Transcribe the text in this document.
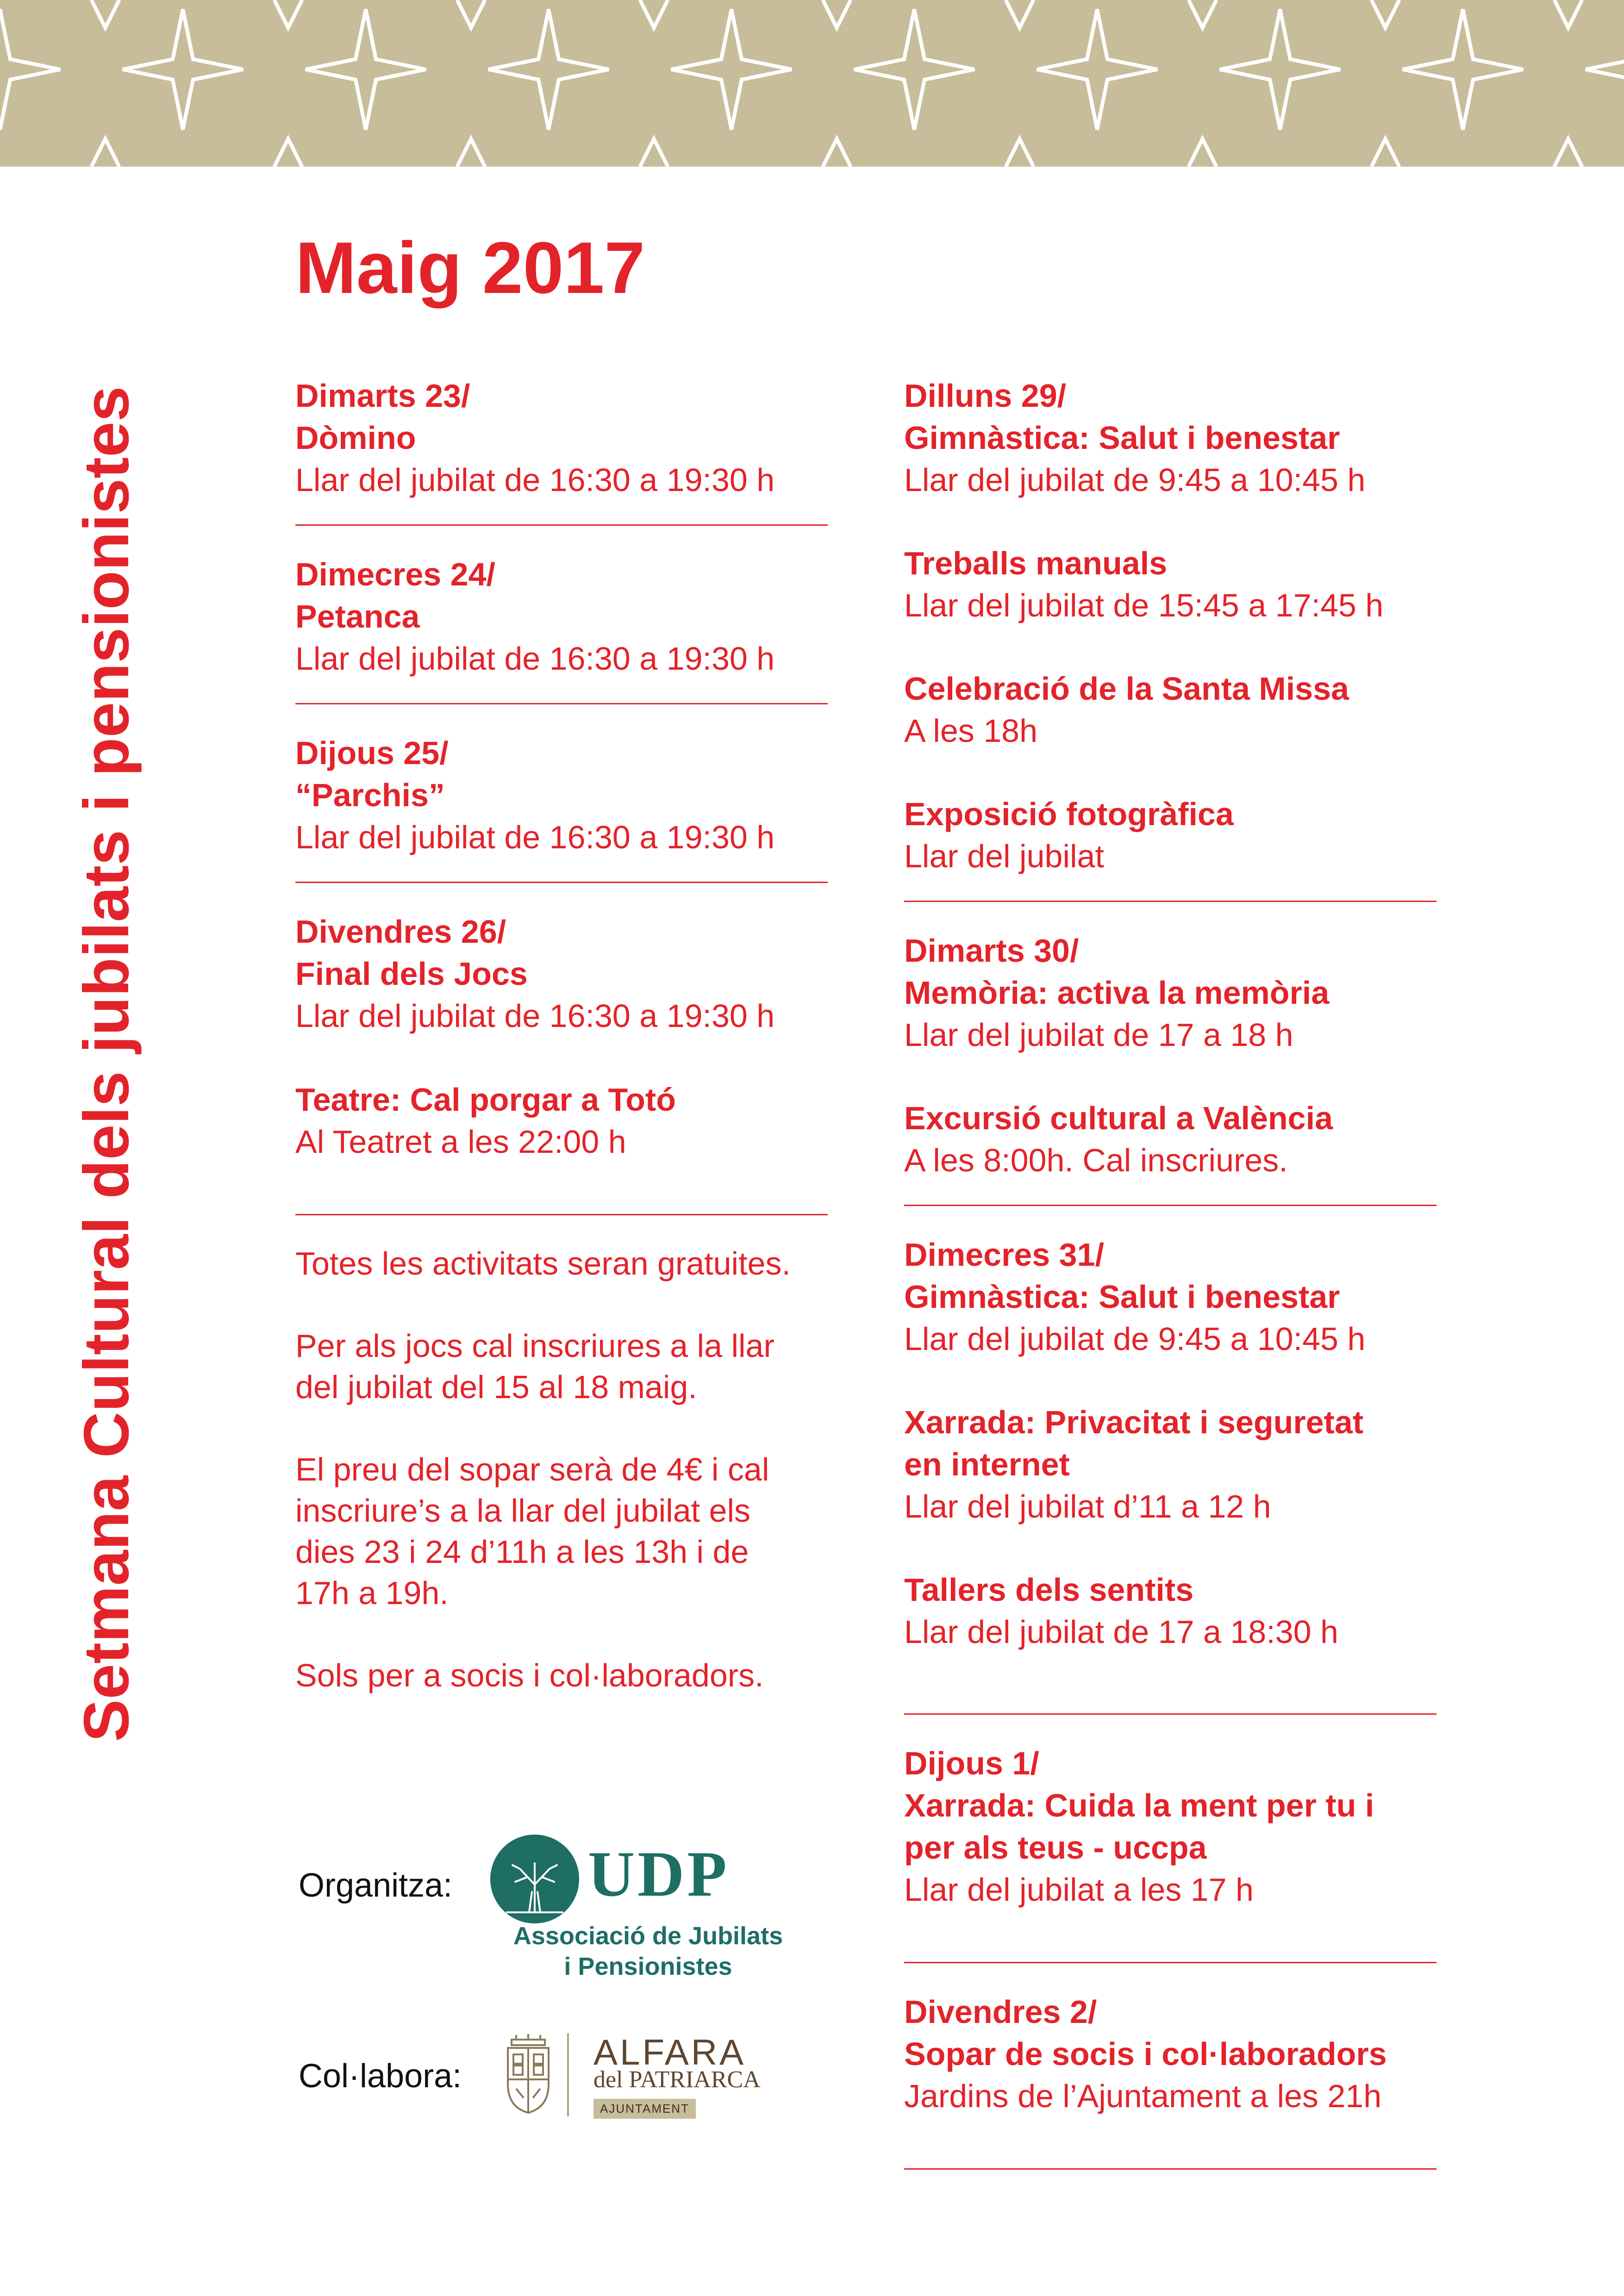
Setmana Cultural dels jubilats i pensionistes
Maig 2017
Dimarts 23/
Dòmino
Llar del jubilat de 16:30 a 19:30 h
Dimecres 24/
Petanca
Llar del jubilat de 16:30 a 19:30 h
Dijous 25/
“Parchis”
Llar del jubilat de 16:30 a 19:30 h
Divendres 26/
Final dels Jocs
Llar del jubilat de 16:30 a 19:30 h
Teatre: Cal porgar a Totó
Al Teatret a les 22:00 h

Totes les activitats seran gratuites.

Per als jocs cal inscriures a la llar

del jubilat del 15 al 18 maig.

El preu del sopar serà de 4€ i cal

inscriure’s a la llar del jubilat els

dies 23 i 24 d’11h a les 13h i de

17h a 19h.

Sols per a socis i col·laboradors.

Dilluns 29/
Gimnàstica: Salut i benestar
Llar del jubilat de 9:45 a 10:45 h
Treballs manuals
Llar del jubilat de 15:45 a 17:45 h
Celebració de la Santa Missa
A les 18h
Exposició fotogràfica
Llar del jubilat
Dimarts 30/
Memòria: activa la memòria
Llar del jubilat de 17 a 18 h
Excursió cultural a València
A les 8:00h. Cal inscriures.
Dimecres 31/
Gimnàstica: Salut i benestar
Llar del jubilat de 9:45 a 10:45 h
Xarrada: Privacitat i seguretat
en internet
Llar del jubilat d’11 a 12 h
Tallers dels sentits
Llar del jubilat de 17 a 18:30 h
Dijous 1/
Xarrada: Cuida la ment per tu i
per als teus - uccpa
Llar del jubilat a les 17 h
Divendres 2/
Sopar de socis i col·laboradors
Jardins de l’Ajuntament a les 21h
Organitza:
Col·labora:
UDP
Associació de Jubilats
i Pensionistes
ALFARA
del PATRIARCA
AJUNTAMENT
